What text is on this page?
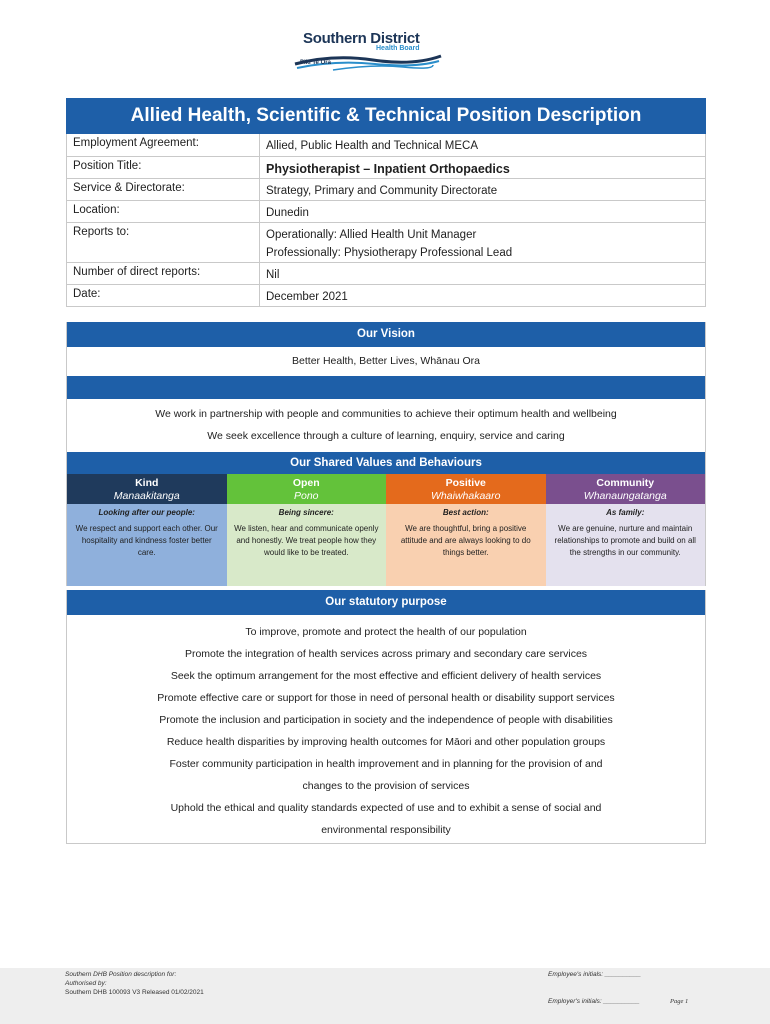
Southern District
Health Board
Piki Te Ora
Allied Health, Scientific & Technical Position Description
Employment Agreement:	Allied, Public Health and Technical MECA
Position Title:	Physiotherapist – Inpatient Orthopaedics
Service & Directorate:	Strategy, Primary and Community Directorate
Location:	Dunedin
Reports to:	Operationally: Allied Health Unit Manager
Professionally: Physiotherapy Professional Lead
Number of direct reports:	Nil
Date:	December 2021
Our Vision
Better Health, Better Lives, Whānau Ora
We work in partnership with people and communities to achieve their optimum health and wellbeing
We seek excellence through a culture of learning, enquiry, service and caring
Our Shared Values and Behaviours
Kind
Manaakitanga
Looking after our people:
We respect and support each other. Our hospitality and kindness foster better care.
Open
Pono
Being sincere:
We listen, hear and communicate openly and honestly. We treat people how they would like to be treated.
Positive
Whaiwhakaaro
Best action:
We are thoughtful, bring a positive attitude and are always looking to do things better.
Community
Whanaungatanga
As family:
We are genuine, nurture and maintain relationships to promote and build on all the strengths in our community.
Our statutory purpose
To improve, promote and protect the health of our population
Promote the integration of health services across primary and secondary care services
Seek the optimum arrangement for the most effective and efficient delivery of health services
Promote effective care or support for those in need of personal health or disability support services
Promote the inclusion and participation in society and the independence of people with disabilities
Reduce health disparities by improving health outcomes for Māori and other population groups
Foster community participation in health improvement and in planning for the provision of and
changes to the provision of services
Uphold the ethical and quality standards expected of use and to exhibit a sense of social and
environmental responsibility
Southern DHB Position description for:
Authorised by:
Southern DHB 100093 V3 Released 01/02/2021
Employee's initials: __________
Employer's initials: __________	Page 1
